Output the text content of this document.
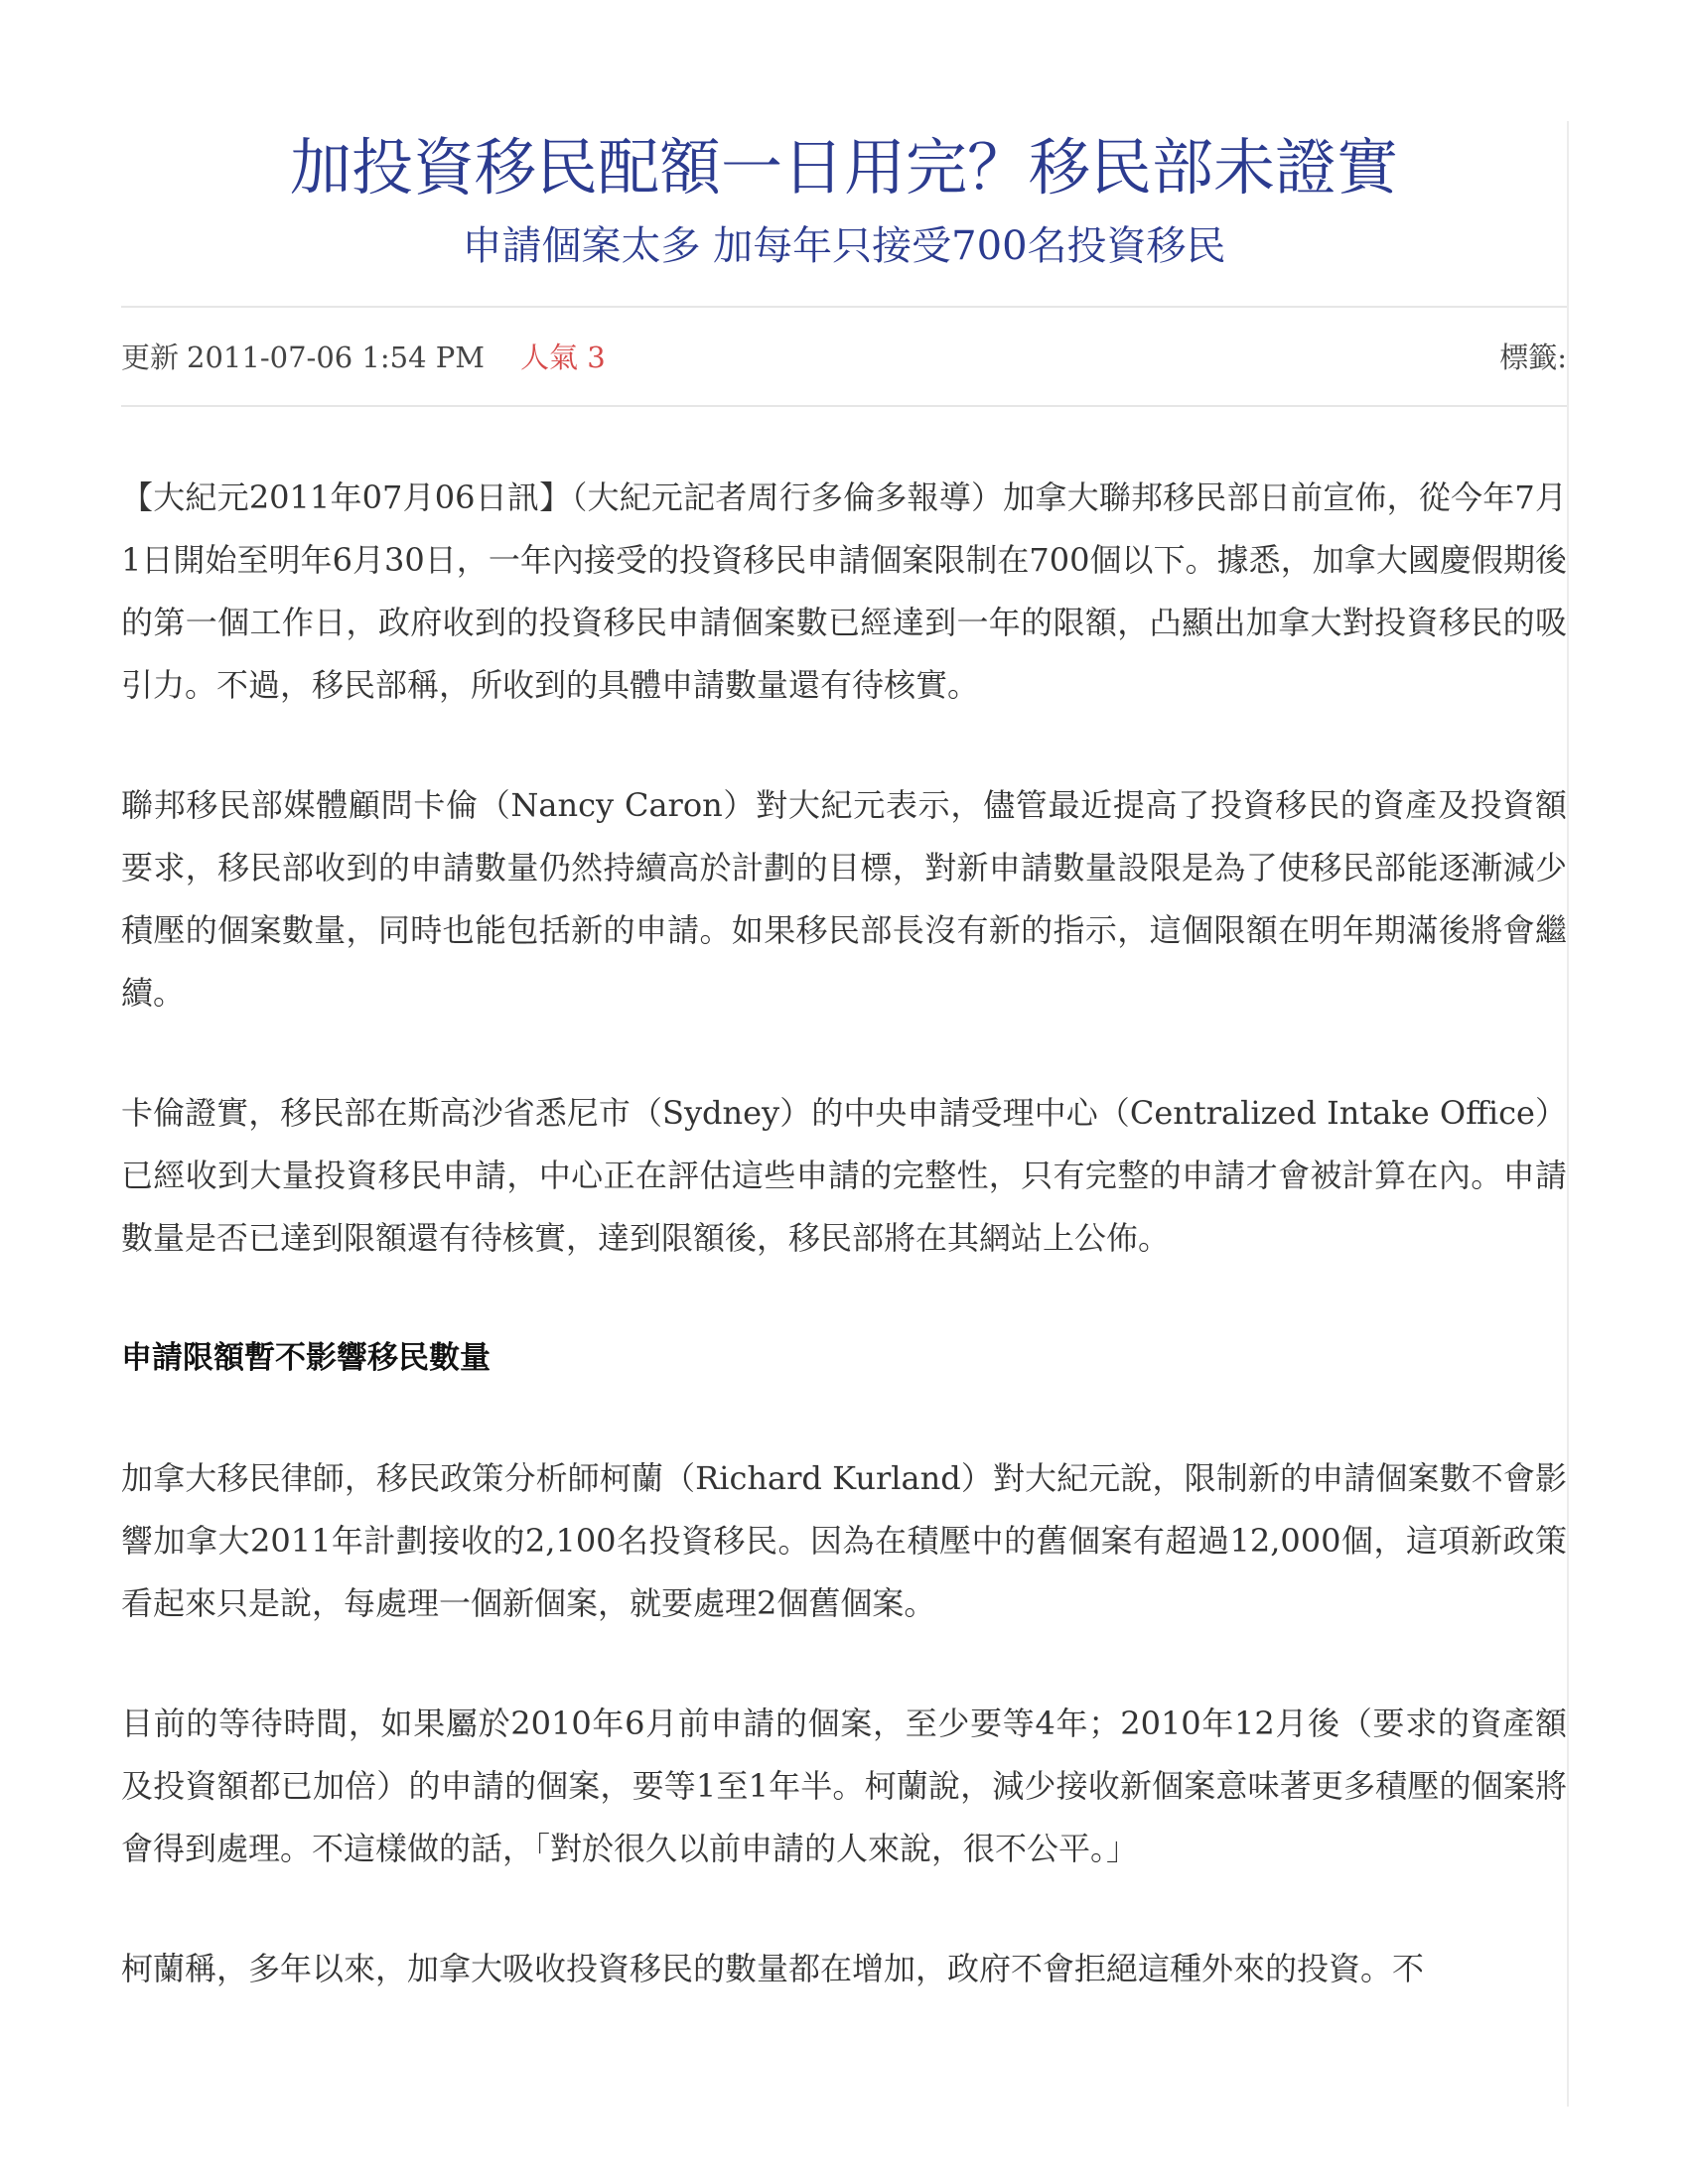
加投資移民配額一日用完？移民部未證實
申請個案太多 加每年只接受700名投資移民
更新 2011-07-06 1:54 PM 人氣 3	標籤:

【大紀元2011年07月06日訊】（大紀元記者周行多倫多報導）加拿大聯邦移民部日前宣佈，從今年7月1日開始至明年6月30日，一年內接受的投資移民申請個案限制在700個以下。據悉，加拿大國慶假期後的第一個工作日，政府收到的投資移民申請個案數已經達到一年的限額，凸顯出加拿大對投資移民的吸引力。不過，移民部稱，所收到的具體申請數量還有待核實。

聯邦移民部媒體顧問卡倫（Nancy Caron）對大紀元表示，儘管最近提高了投資移民的資產及投資額要求，移民部收到的申請數量仍然持續高於計劃的目標，對新申請數量設限是為了使移民部能逐漸減少積壓的個案數量，同時也能包括新的申請。如果移民部長沒有新的指示，這個限額在明年期滿後將會繼續。

卡倫證實，移民部在斯高沙省悉尼市（Sydney）的中央申請受理中心（Centralized Intake Office）已經收到大量投資移民申請，中心正在評估這些申請的完整性，只有完整的申請才會被計算在內。申請數量是否已達到限額還有待核實，達到限額後，移民部將在其網站上公佈。

申請限額暫不影響移民數量

加拿大移民律師，移民政策分析師柯蘭（Richard Kurland）對大紀元說，限制新的申請個案數不會影響加拿大2011年計劃接收的2,100名投資移民。因為在積壓中的舊個案有超過12,000個，這項新政策看起來只是說，每處理一個新個案，就要處理2個舊個案。

目前的等待時間，如果屬於2010年6月前申請的個案，至少要等4年；2010年12月後（要求的資產額及投資額都已加倍）的申請的個案，要等1至1年半。柯蘭說，減少接收新個案意味著更多積壓的個案將會得到處理。不這樣做的話，「對於很久以前申請的人來說，很不公平。」

柯蘭稱，多年以來，加拿大吸收投資移民的數量都在增加，政府不會拒絕這種外來的投資。不
